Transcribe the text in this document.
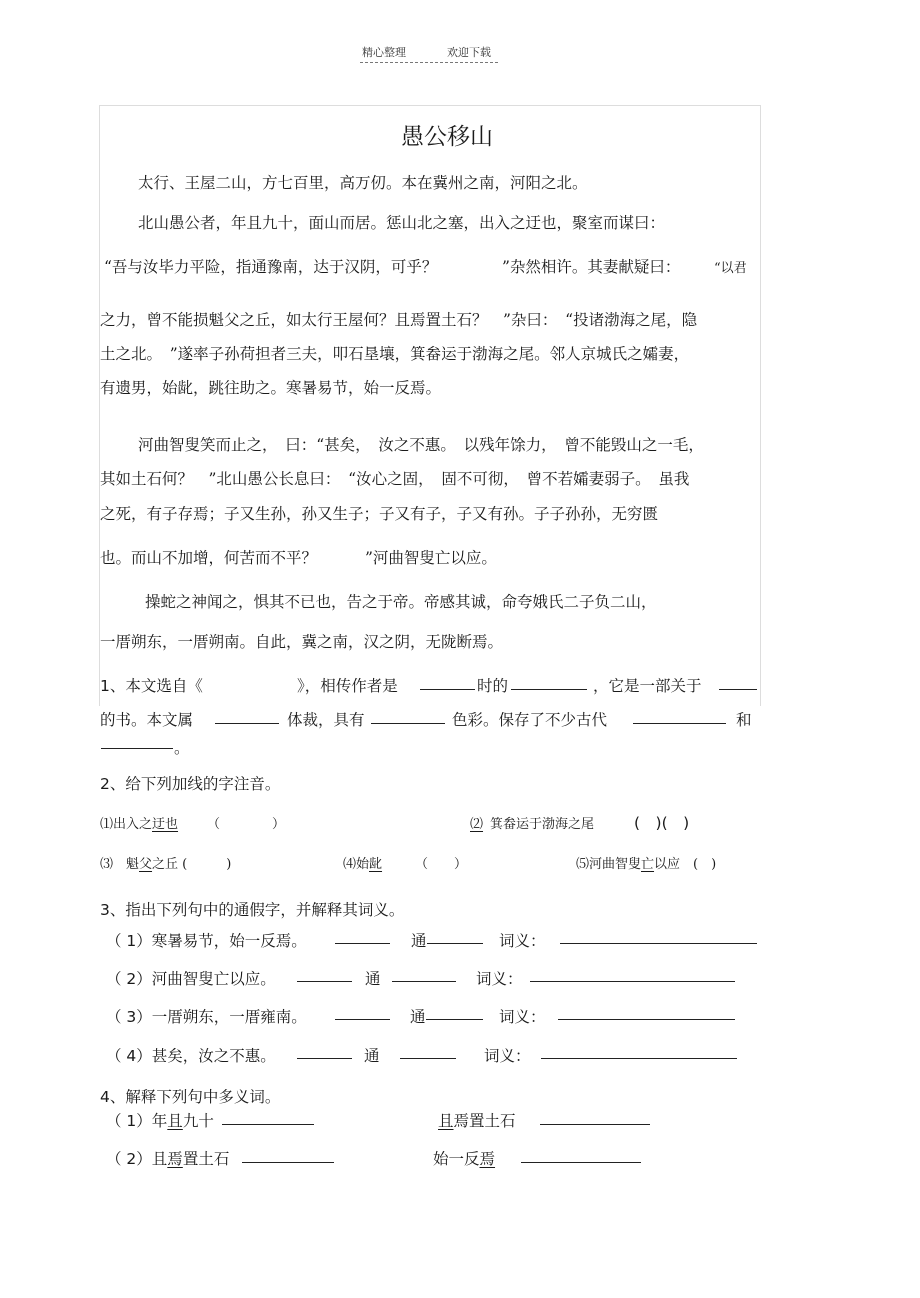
精心整理	欢迎下载
愚公移山
太行、王屋二山，方七百里，高万仞。本在冀州之南，河阳之北。
北山愚公者，年且九十，面山而居。惩山北之塞，出入之迂也，聚室而谋曰：
“吾与汝毕力平险，指通豫南，达于汉阴，可乎？	”杂然相许。其妻献疑曰：	“以君
之力，曾不能损魁父之丘，如太行王屋何？且焉置土石？　”杂曰：　“投诸渤海之尾，隐
土之北。　”遂率子孙荷担者三夫，叩石垦壤，箕畚运于渤海之尾。邻人京城氏之孀妻，
有遗男，始龀，跳往助之。寒暑易节，始一反焉。
河曲智叟笑而止之，　曰：“甚矣，　汝之不惠。　以残年馀力，　曾不能毁山之一毛，
其如土石何？　”北山愚公长息曰：　“汝心之固，　固不可彻，　曾不若孀妻弱子。　虽我
之死，有子存焉；子又生孙，孙又生子；子又有子，子又有孙。子子孙孙，无穷匮
也。而山不加增，何苦而不平？	”河曲智叟亡以应。
操蛇之神闻之，惧其不已也，告之于帝。帝感其诚，命夸娥氏二子负二山，
一厝朔东，一厝朔南。自此，冀之南，汉之阴，无陇断焉。
1、本文选自《	》，相传作者是	时的	，它是一部关于
的书。本文属	体裁，具有	色彩。保存了不少古代	和
。
2、给下列加线的字注音。
⑴出入之迂也 （　　　　）	⑵ 箕畚运于渤海之尾	(　)(　)
⑶　魁父之丘 (　　　)	⑷始龀	（　　）	⑸河曲智叟亡以应　(　)
3、指出下列句中的通假字，并解释其词义。
（ 1）寒暑易节，始一反焉。	通	词义：
（ 2）河曲智叟亡以应。	通	词义：
（ 3）一厝朔东，一厝雍南。	通	词义：
（ 4）甚矣，汝之不惠。	通	词义：
4、解释下列句中多义词。
（ 1）年且九十	且焉置土石
（ 2）且焉置土石	始一反焉
